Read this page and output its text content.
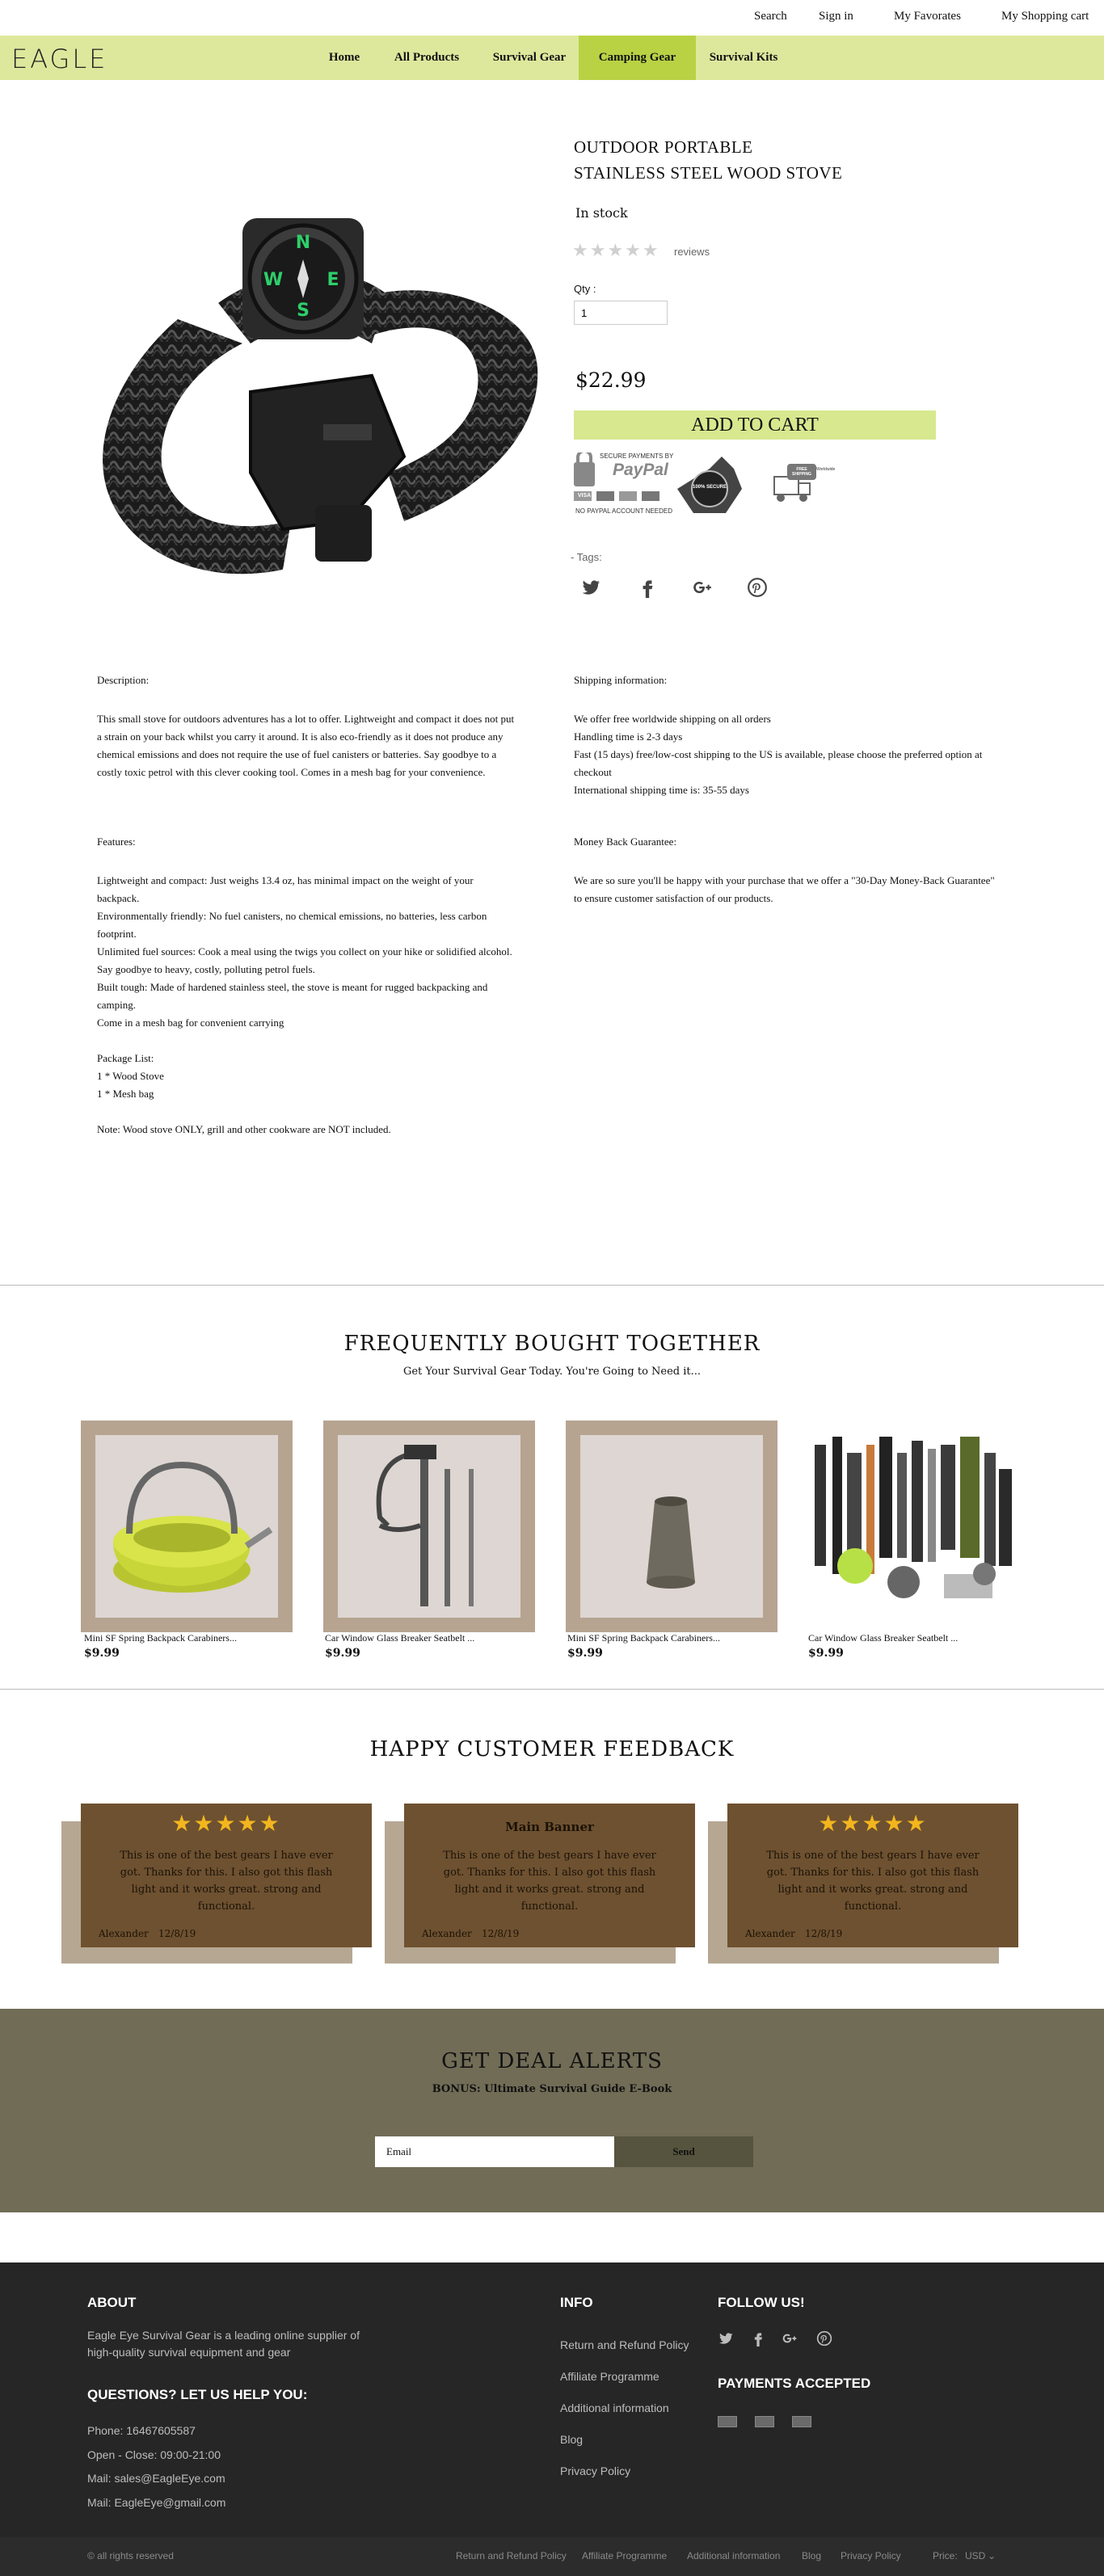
Search	Sign in	My Favorates	My Shopping cart
EAGLE	Home	All Products	Survival Gear	Camping Gear	Survival Kits
N
E
S
W
OUTDOOR PORTABLE
STAINLESS STEEL WOOD STOVE
In stock
★★★★★ reviews
Qty :
1
$22.99
ADD TO CART
SECURE PAYMENTS BY
PayPal
NO PAYPAL ACCOUNT NEEDED
VISA
100% SECURE
FREE SHIPPING
Worldwide
- Tags:
Description:
This small stove for outdoors adventures has a lot to offer. Lightweight and compact it does not put a strain on your back whilst you carry it around. It is also eco-friendly as it does not produce any chemical emissions and does not require the use of fuel canisters or batteries. Say goodbye to a costly toxic petrol with this clever cooking tool. Comes in a mesh bag for your convenience.
Features:
Lightweight and compact: Just weighs 13.4 oz, has minimal impact on the weight of your backpack.
Environmentally friendly: No fuel canisters, no chemical emissions, no batteries, less carbon footprint.
Unlimited fuel sources: Cook a meal using the twigs you collect on your hike or solidified alcohol. Say goodbye to heavy, costly, polluting petrol fuels.
Built tough: Made of hardened stainless steel, the stove is meant for rugged backpacking and camping.
Come in a mesh bag for convenient carrying
Package List:
1 * Wood Stove
1 * Mesh bag
Note: Wood stove ONLY, grill and other cookware are NOT included.
Shipping information:
We offer free worldwide shipping on all orders
Handling time is 2-3 days
Fast (15 days) free/low-cost shipping to the US is available, please choose the preferred option at checkout
International shipping time is: 35-55 days
Money Back Guarantee:
We are so sure you'll be happy with your purchase that we offer a "30-Day Money-Back Guarantee" to ensure customer satisfaction of our products.
FREQUENTLY BOUGHT TOGETHER
Get Your Survival Gear Today. You're Going to Need it...
Mini SF Spring Backpack Carabiners...
$9.99
Car Window Glass Breaker Seatbelt ...
$9.99
Mini SF Spring Backpack Carabiners...
$9.99
Car Window Glass Breaker Seatbelt ...
$9.99
HAPPY CUSTOMER FEEDBACK
★★★★★
This is one of the best gears I have ever got. Thanks for this. I also got this flash light and it works great. strong and functional.
Alexander 12/8/19
Main Banner
This is one of the best gears I have ever got. Thanks for this. I also got this flash light and it works great. strong and functional.
Alexander 12/8/19
★★★★★
This is one of the best gears I have ever got. Thanks for this. I also got this flash light and it works great. strong and functional.
Alexander 12/8/19
GET DEAL ALERTS
BONUS: Ultimate Survival Guide E-Book
Email	Send
ABOUT
Eagle Eye Survival Gear is a leading online supplier of high-quality survival equipment and gear
QUESTIONS? LET US HELP YOU:
Phone: 16467605587
Open - Close: 09:00-21:00
Mail: sales@EagleEye.com
Mail: EagleEye@gmail.com
INFO
Return and Refund Policy
Affiliate Programme
Additional information
Blog
Privacy Policy
FOLLOW US!
PAYMENTS ACCEPTED
© all rights reserved	Return and Refund Policy Affiliate Programme Additional information Blog Privacy Policy	Price: USD ⌄
